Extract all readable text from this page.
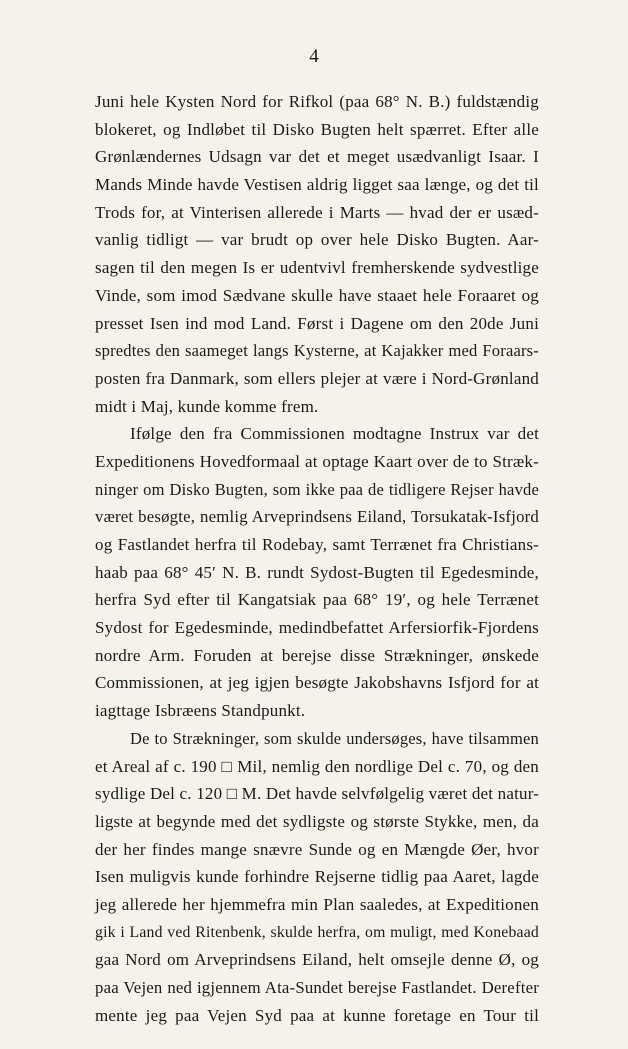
4
Juni hele Kysten Nord for Rifkol (paa 68° N. B.) fuldstændig
blokeret, og Indløbet til Disko Bugten helt spærret. Efter alle
Grønlændernes Udsagn var det et meget usædvanligt Isaar. I
Mands Minde havde Vestisen aldrig ligget saa længe, og det til
Trods for, at Vinterisen allerede i Marts — hvad der er usæd-
vanlig tidligt — var brudt op over hele Disko Bugten. Aar-
sagen til den megen Is er udentvivl fremherskende sydvestlige
Vinde, som imod Sædvane skulle have staaet hele Foraaret og
presset Isen ind mod Land. Først i Dagene om den 20de Juni
spredtes den saameget langs Kysterne, at Kajakker med Foraars-
posten fra Danmark, som ellers plejer at være i Nord-Grønland
midt i Maj, kunde komme frem.
Ifølge den fra Commissionen modtagne Instrux var det
Expeditionens Hovedformaal at optage Kaart over de to Stræk-
ninger om Disko Bugten, som ikke paa de tidligere Rejser havde
været besøgte, nemlig Arveprindsens Eiland, Torsukatak-Isfjord
og Fastlandet herfra til Rodebay, samt Terrænet fra Christians-
haab paa 68° 45′ N. B. rundt Sydost-Bugten til Egedesminde,
herfra Syd efter til Kangatsiak paa 68° 19′, og hele Terrænet
Sydost for Egedesminde, medindbefattet Arfersiorfik-Fjordens
nordre Arm. Foruden at berejse disse Strækninger, ønskede
Commissionen, at jeg igjen besøgte Jakobshavns Isfjord for at
iagttage Isbræens Standpunkt.
De to Strækninger, som skulde undersøges, have tilsammen
et Areal af c. 190 □ Mil, nemlig den nordlige Del c. 70, og den
sydlige Del c. 120 □ M. Det havde selvfølgelig været det natur-
ligste at begynde med det sydligste og største Stykke, men, da
der her findes mange snævre Sunde og en Mængde Øer, hvor
Isen muligvis kunde forhindre Rejserne tidlig paa Aaret, lagde
jeg allerede her hjemmefra min Plan saaledes, at Expeditionen
gik i Land ved Ritenbenk, skulde herfra, om muligt, med Konebaad
gaa Nord om Arveprindsens Eiland, helt omsejle denne Ø, og
paa Vejen ned igjennem Ata-Sundet berejse Fastlandet. Derefter
mente jeg paa Vejen Syd paa at kunne foretage en Tour til
